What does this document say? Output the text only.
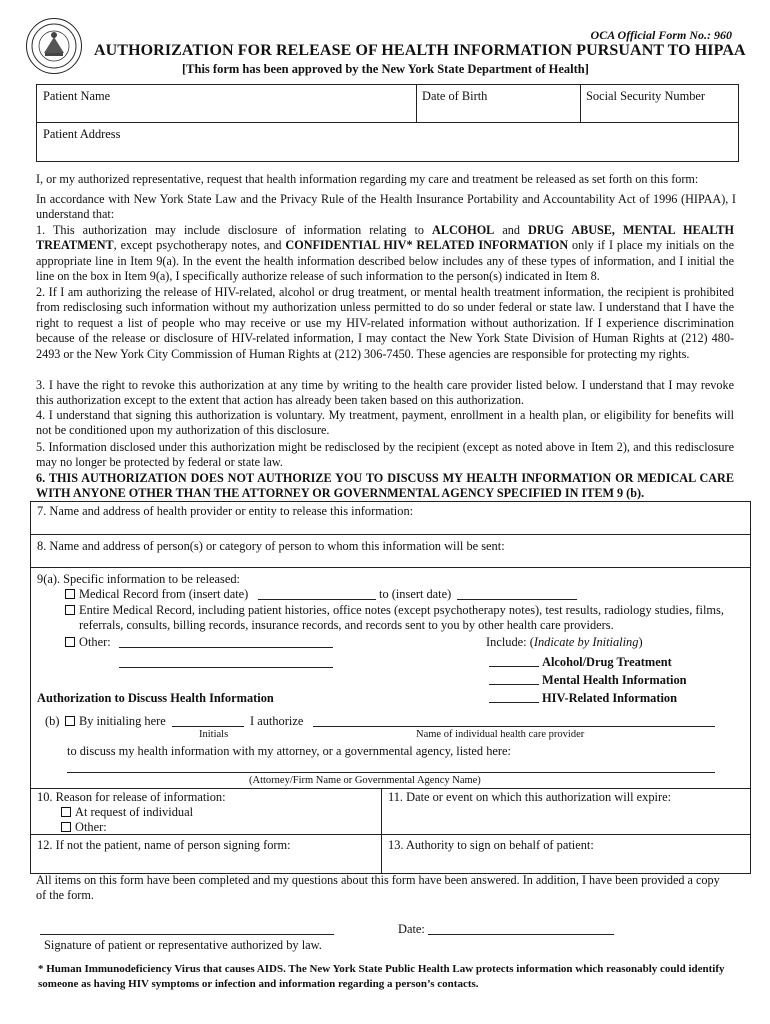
OCA Official Form No.: 960
AUTHORIZATION FOR RELEASE OF HEALTH INFORMATION PURSUANT TO HIPAA
[This form has been approved by the New York State Department of Health]
Patient Name	Date of Birth	Social Security Number
Patient Address
I, or my authorized representative, request that health information regarding my care and treatment be released as set forth on this form:
In accordance with New York State Law and the Privacy Rule of the Health Insurance Portability and Accountability Act of 1996 (HIPAA), I understand that:
1. This authorization may include disclosure of information relating to ALCOHOL and DRUG ABUSE, MENTAL HEALTH TREATMENT, except psychotherapy notes, and CONFIDENTIAL HIV* RELATED INFORMATION only if I place my initials on the appropriate line in Item 9(a). In the event the health information described below includes any of these types of information, and I initial the line on the box in Item 9(a), I specifically authorize release of such information to the person(s) indicated in Item 8.
2. If I am authorizing the release of HIV-related, alcohol or drug treatment, or mental health treatment information, the recipient is prohibited from redisclosing such information without my authorization unless permitted to do so under federal or state law. I understand that I have the right to request a list of people who may receive or use my HIV-related information without authorization. If I experience discrimination because of the release or disclosure of HIV-related information, I may contact the New York State Division of Human Rights at (212) 480-2493 or the New York City Commission of Human Rights at (212) 306-7450. These agencies are responsible for protecting my rights.
3. I have the right to revoke this authorization at any time by writing to the health care provider listed below. I understand that I may revoke this authorization except to the extent that action has already been taken based on this authorization.
4. I understand that signing this authorization is voluntary. My treatment, payment, enrollment in a health plan, or eligibility for benefits will not be conditioned upon my authorization of this disclosure.
5. Information disclosed under this authorization might be redisclosed by the recipient (except as noted above in Item 2), and this redisclosure may no longer be protected by federal or state law.
6. THIS AUTHORIZATION DOES NOT AUTHORIZE YOU TO DISCUSS MY HEALTH INFORMATION OR MEDICAL CARE WITH ANYONE OTHER THAN THE ATTORNEY OR GOVERNMENTAL AGENCY SPECIFIED IN ITEM 9 (b).
7. Name and address of health provider or entity to release this information:
8. Name and address of person(s) or category of person to whom this information will be sent:
9(a). Specific information to be released:
Medical Record from (insert date)	to (insert date)
Entire Medical Record, including patient histories, office notes (except psychotherapy notes), test results, radiology studies, films,
referrals, consults, billing records, insurance records, and records sent to you by other health care providers.
Other:	Include: (Indicate by Initialing)
Alcohol/Drug Treatment
Mental Health Information
HIV-Related Information
Authorization to Discuss Health Information
(b)	By initialing here	I authorize
Initials	Name of individual health care provider
to discuss my health information with my attorney, or a governmental agency, listed here:
(Attorney/Firm Name or Governmental Agency Name)
10. Reason for release of information:
At request of individual
Other:
11. Date or event on which this authorization will expire:
12. If not the patient, name of person signing form:	13. Authority to sign on behalf of patient:
All items on this form have been completed and my questions about this form have been answered. In addition, I have been provided a copy of the form.
Date:
Signature of patient or representative authorized by law.
* Human Immunodeficiency Virus that causes AIDS. The New York State Public Health Law protects information which reasonably could identify someone as having HIV symptoms or infection and information regarding a person’s contacts.
